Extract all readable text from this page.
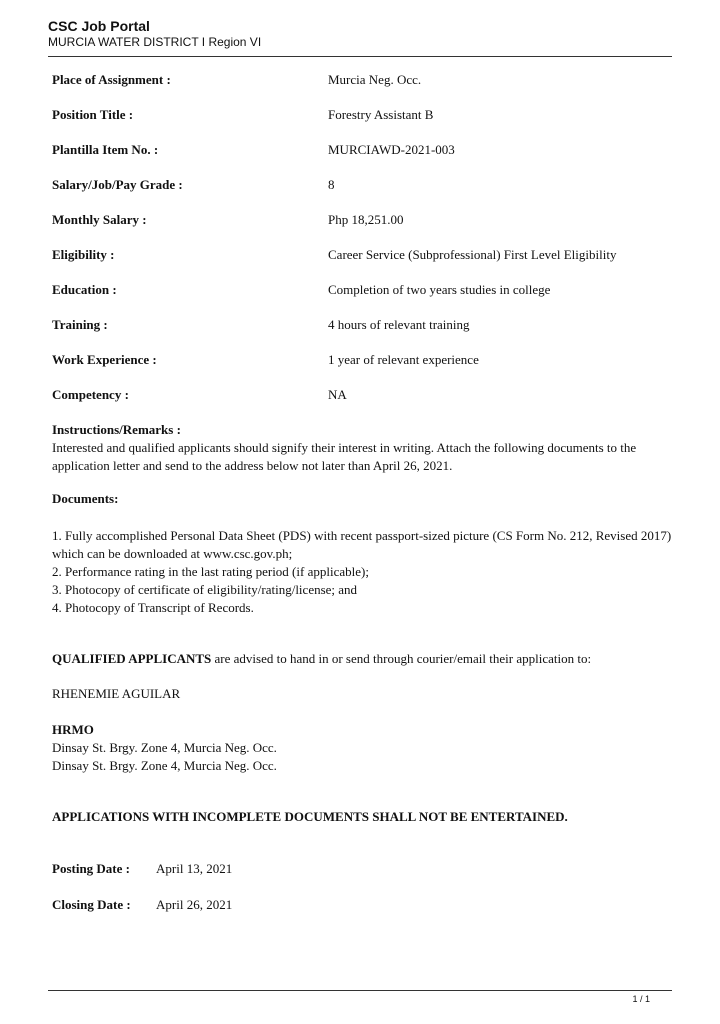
CSC Job Portal
MURCIA WATER DISTRICT I Region VI
Place of Assignment :	Murcia Neg. Occ.
Position Title :	Forestry Assistant B
Plantilla Item No. :	MURCIAWD-2021-003
Salary/Job/Pay Grade :	8
Monthly Salary :	Php 18,251.00
Eligibility :	Career Service (Subprofessional) First Level Eligibility
Education :	Completion of two years studies in college
Training :	4 hours of relevant training
Work Experience :	1 year of relevant experience
Competency :	NA
Instructions/Remarks :
Interested and qualified applicants should signify their interest in writing. Attach the following documents to the application letter and send to the address below not later than April 26, 2021.
Documents:
1. Fully accomplished Personal Data Sheet (PDS) with recent passport-sized picture (CS Form No. 212, Revised 2017) which can be downloaded at www.csc.gov.ph;
2. Performance rating in the last rating period (if applicable);
3. Photocopy of certificate of eligibility/rating/license; and
4. Photocopy of Transcript of Records.
QUALIFIED APPLICANTS are advised to hand in or send through courier/email their application to:
RHENEMIE AGUILAR
HRMO
Dinsay St. Brgy. Zone 4, Murcia Neg. Occ.
Dinsay St. Brgy. Zone 4, Murcia Neg. Occ.
APPLICATIONS WITH INCOMPLETE DOCUMENTS SHALL NOT BE ENTERTAINED.
Posting Date : April 13, 2021
Closing Date : April 26, 2021
1 / 1
